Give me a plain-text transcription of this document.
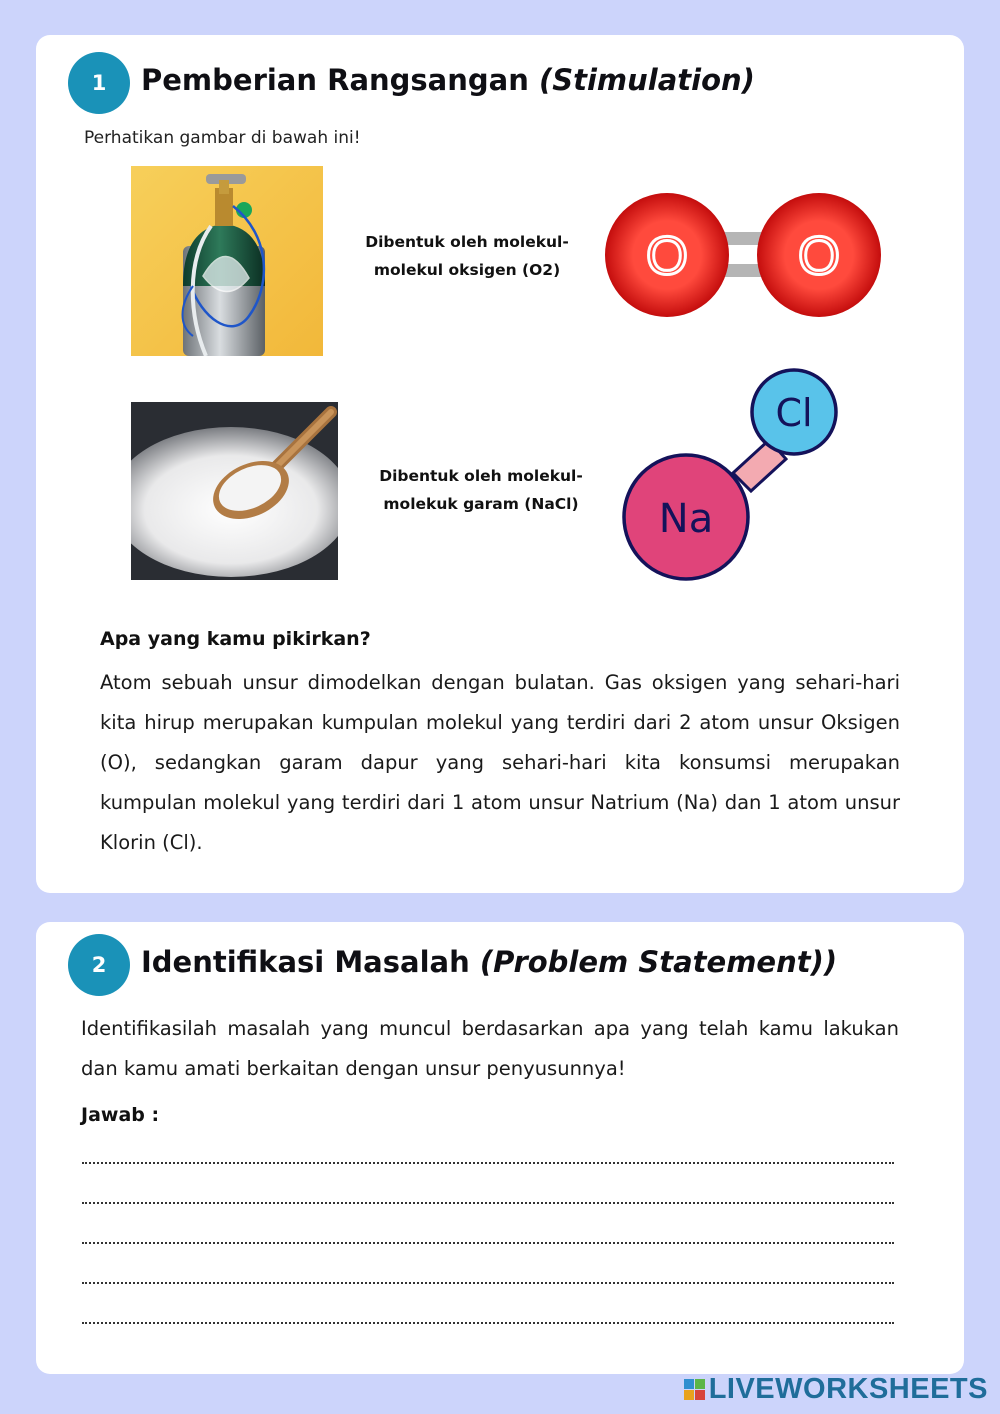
1	Pemberian Rangsangan (Stimulation)
Perhatikan gambar di bawah ini!
Dibentuk oleh molekul-molekul oksigen (O2)	O O
Dibentuk oleh molekul-molekuk garam (NaCl)	Na
Cl
Apa yang kamu pikirkan?
Atom sebuah unsur dimodelkan dengan bulatan. Gas oksigen yang sehari-hari kita hirup merupakan kumpulan molekul yang terdiri dari 2 atom unsur Oksigen (O), sedangkan garam dapur yang sehari-hari kita konsumsi merupakan kumpulan molekul yang terdiri dari 1 atom unsur Natrium (Na) dan 1 atom unsur Klorin (Cl).
2	Identifikasi Masalah (Problem Statement))
Identifikasilah masalah yang muncul berdasarkan apa yang telah kamu lakukan dan kamu amati berkaitan dengan unsur penyusunnya!
Jawab :
LIVEWORKSHEETS
